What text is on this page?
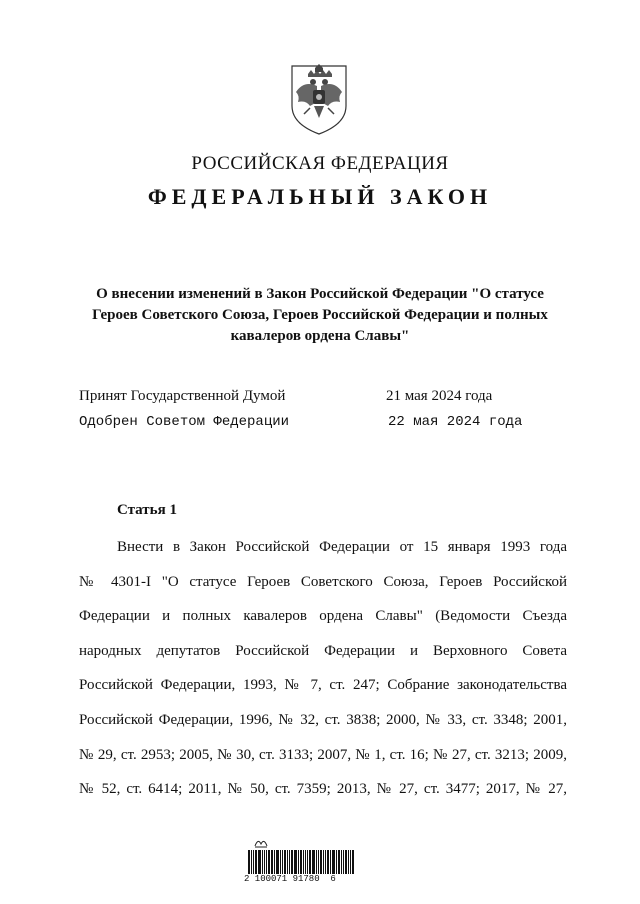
РОССИЙСКАЯ ФЕДЕРАЦИЯ
ФЕДЕРАЛЬНЫЙ ЗАКОН
О внесении изменений в Закон Российской Федерации "О статусе
Героев Советского Союза, Героев Российской Федерации и полных
кавалеров ордена Славы"
Принят Государственной Думой	21 мая 2024 года
Одобрен Советом Федерации	22 мая 2024 года
Статья 1
Внести в Закон Российской Федерации от 15 января 1993 года
№ 4301-I "О статусе Героев Советского Союза, Героев Российской
Федерации и полных кавалеров ордена Славы" (Ведомости Съезда
народных депутатов Российской Федерации и Верховного Совета
Российской Федерации, 1993, № 7, ст. 247; Собрание законодательства
Российской Федерации, 1996, № 32, ст. 3838; 2000, № 33, ст. 3348; 2001,
№ 29, ст. 2953; 2005, № 30, ст. 3133; 2007, № 1, ст. 16; № 27, ст. 3213; 2009,
№ 52, ст. 6414; 2011, № 50, ст. 7359; 2013, № 27, ст. 3477; 2017, № 27,
2 100071 91780  6
